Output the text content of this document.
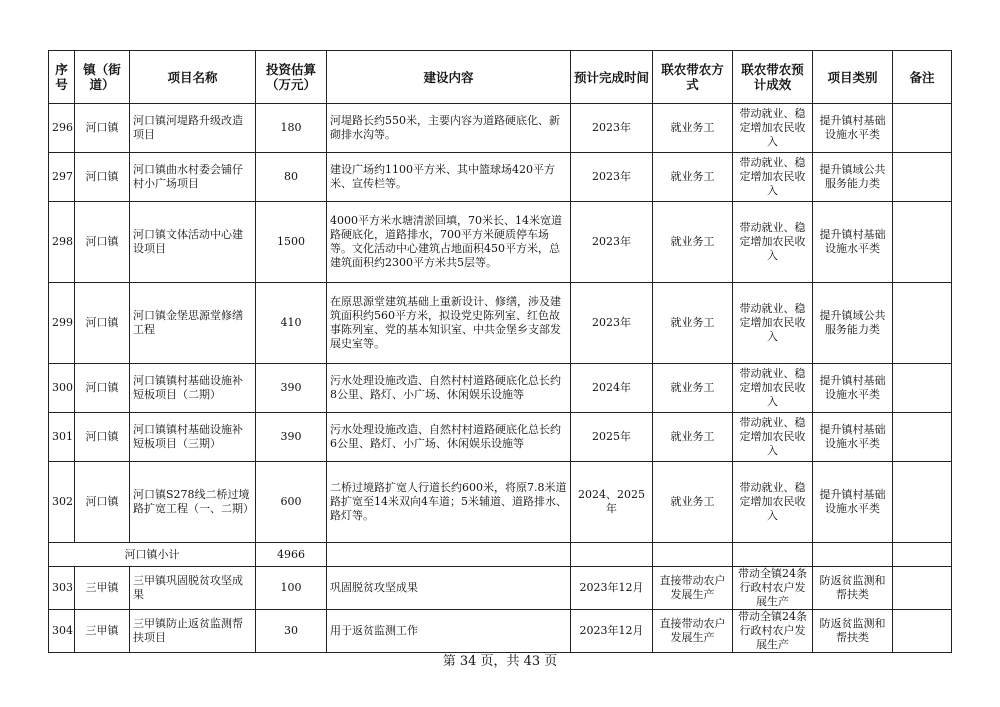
序号	镇（街道）	项目名称	投资估算（万元）	建设内容	预计完成时间	联农带农方式	联农带农预计成效	项目类别	备注
296	河口镇	河口镇河堤路升级改造项目	180	河堤路长约550米，主要内容为道路硬底化、新砌排水沟等。	2023年	就业务工	带动就业、稳定增加农民收入	提升镇村基础设施水平类	
297	河口镇	河口镇曲水村委会铺仔村小广场项目	80	建设广场约1100平方米、其中篮球场420平方米、宣传栏等。	2023年	就业务工	带动就业、稳定增加农民收入	提升镇域公共服务能力类	
298	河口镇	河口镇文体活动中心建设项目	1500	4000平方米水塘清淤回填，70米长、14米宽道路硬底化，道路排水，700平方米硬质停车场等。文化活动中心建筑占地面积450平方米，总建筑面积约2300平方米共5层等。	2023年	就业务工	带动就业、稳定增加农民收入	提升镇村基础设施水平类	
299	河口镇	河口镇金堡思源堂修缮工程	410	在原思源堂建筑基础上重新设计、修缮，涉及建筑面积约560平方米，拟设党史陈列室、红色故事陈列室、党的基本知识室、中共金堡乡支部发展史室等。	2023年	就业务工	带动就业、稳定增加农民收入	提升镇域公共服务能力类	
300	河口镇	河口镇镇村基础设施补短板项目（二期）	390	污水处理设施改造、自然村村道路硬底化总长约8公里、路灯、小广场、休闲娱乐设施等	2024年	就业务工	带动就业、稳定增加农民收入	提升镇村基础设施水平类	
301	河口镇	河口镇镇村基础设施补短板项目（三期）	390	污水处理设施改造、自然村村道路硬底化总长约6公里、路灯、小广场、休闲娱乐设施等	2025年	就业务工	带动就业、稳定增加农民收入	提升镇村基础设施水平类	
302	河口镇	河口镇S278线二桥过境路扩宽工程（一、二期）	600	二桥过境路扩宽人行道长约600米，将原7.8米道路扩宽至14米双向4车道；5米辅道、道路排水、路灯等。	2024、2025年	就业务工	带动就业、稳定增加农民收入	提升镇村基础设施水平类	
河口镇小计			4966						
303	三甲镇	三甲镇巩固脱贫攻坚成果	100	巩固脱贫攻坚成果	2023年12月	直接带动农户发展生产	带动全镇24条行政村农户发展生产	防返贫监测和帮扶类	
304	三甲镇	三甲镇防止返贫监测帮扶项目	30	用于返贫监测工作	2023年12月	直接带动农户发展生产	带动全镇24条行政村农户发展生产	防返贫监测和帮扶类	
第 34 页，共 43 页
